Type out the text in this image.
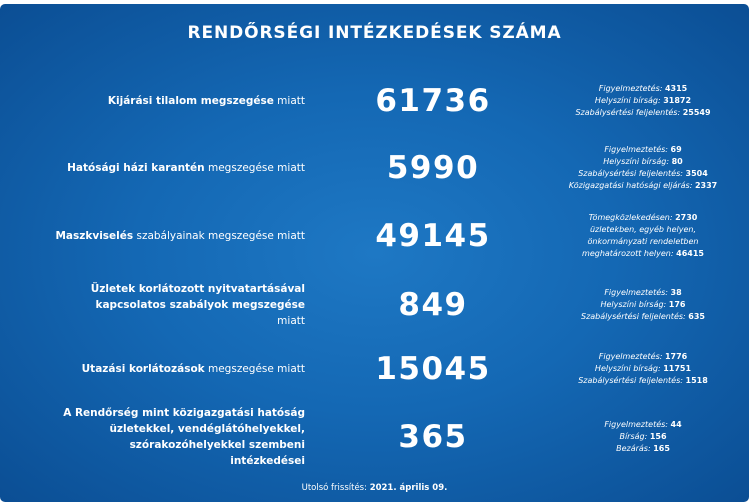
RENDŐRSÉGI INTÉZKEDÉSEK SZÁMA
Kijárási tilalom megszegése miatt	61736	Figyelmeztetés: 4315
Helyszíni bírság: 31872
Szabálysértési feljelentés: 25549
Hatósági házi karantén megszegése miatt	5990
Figyelmeztetés: 69
Helyszíni bírság: 80
Szabálysértési feljelentés: 3504
Közigazgatási hatósági eljárás: 2337
Maszkviselés szabályainak megszegése miatt	49145
Tömegközlekedésen: 2730
üzletekben, egyéb helyen,
önkormányzati rendeletben
meghatározott helyen: 46415
Üzletek korlátozott nyitvatartásával kapcsolatos szabályok megszegése miatt	849	Figyelmeztetés: 38
Helyszíni bírság: 176
Szabálysértési feljelentés: 635
Utazási korlátozások megszegése miatt	15045	Figyelmeztetés: 1776
Helyszíni bírság: 11751
Szabálysértési feljelentés: 1518
A Rendőrség mint közigazgatási hatóság üzletekkel, vendéglátóhelyekkel, szórakozóhelyekkel szembeni intézkedései
365	Figyelmeztetés: 44
Bírság: 156
Bezárás: 165
Utolsó frissítés: 2021. április 09.
